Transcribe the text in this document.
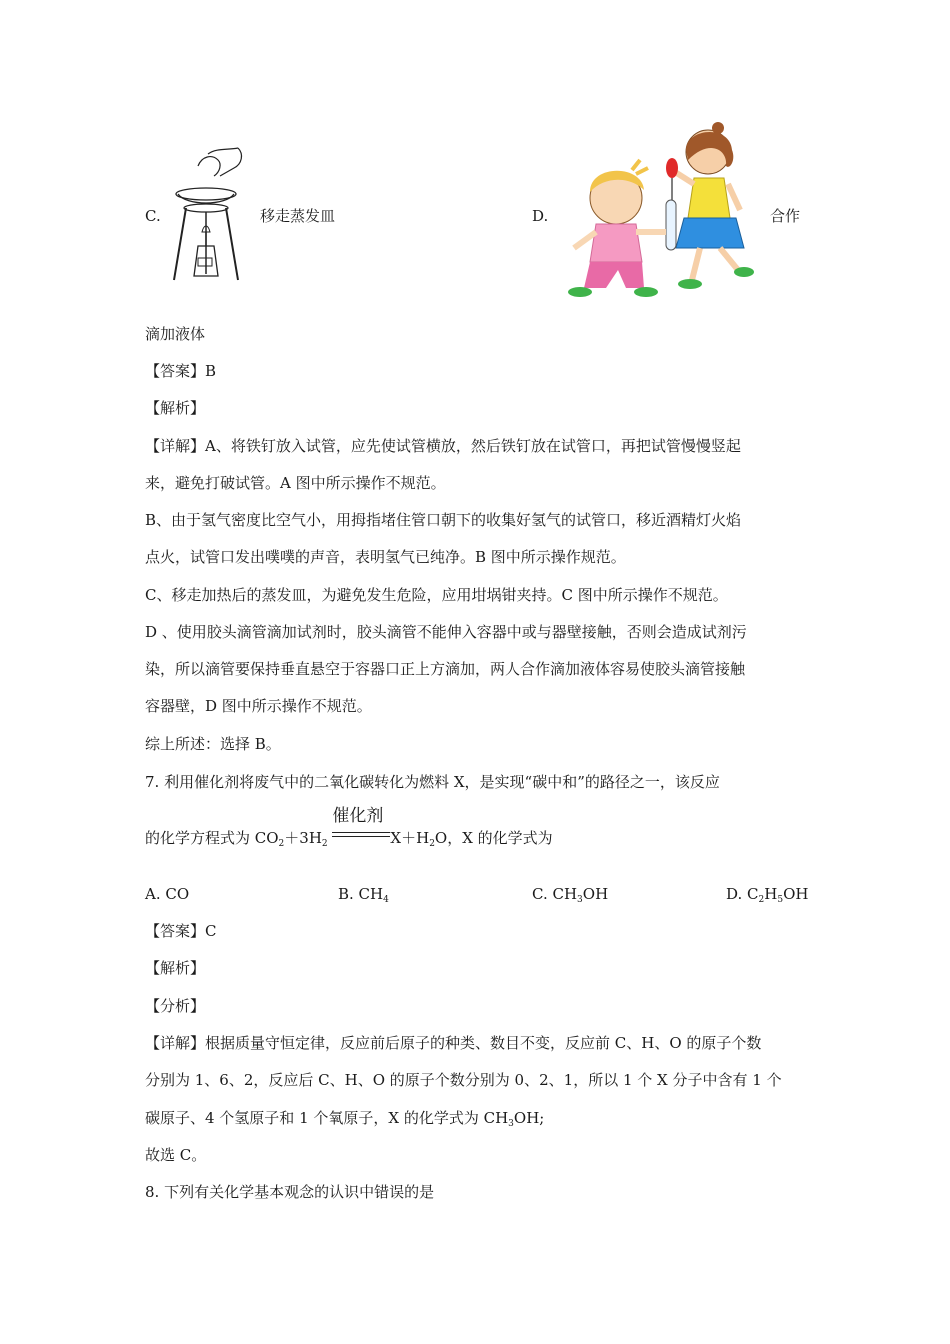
C.	移走蒸发皿	D.	合作
滴加液体
【答案】B
【解析】
【详解】A、将铁钉放入试管，应先使试管横放，然后铁钉放在试管口，再把试管慢慢竖起
来，避免打破试管。A 图中所示操作不规范。
B、由于氢气密度比空气小，用拇指堵住管口朝下的收集好氢气的试管口，移近酒精灯火焰
点火，试管口发出噗噗的声音，表明氢气已纯净。B 图中所示操作规范。
C、移走加热后的蒸发皿，为避免发生危险，应用坩埚钳夹持。C 图中所示操作不规范。
D 、使用胶头滴管滴加试剂时，胶头滴管不能伸入容器中或与器壁接触，否则会造成试剂污
染，所以滴管要保持垂直悬空于容器口正上方滴加，两人合作滴加液体容易使胶头滴管接触
容器壁，D 图中所示操作不规范。
综上所述：选择 B。
7. 利用催化剂将废气中的二氧化碳转化为燃料 X，是实现“碳中和”的路径之一，该反应
的化学方程式为 $CO_2+3H_2$
催化剂
$X+H_2O$，X 的化学式为
A. CO	B. $CH_4$	C. $CH_3OH$	D. $C_2H_5OH$
【答案】C
【解析】
【分析】
【详解】根据质量守恒定律，反应前后原子的种类、数目不变，反应前 C、H、O 的原子个数
分别为 1、6、2，反应后 C、H、O 的原子个数分别为 0、2、1，所以 1 个 X 分子中含有 1 个
碳原子、4 个氢原子和 1 个氧原子，X 的化学式为 $CH_3OH$;
故选 C。
8. 下列有关化学基本观念的认识中错误的是
